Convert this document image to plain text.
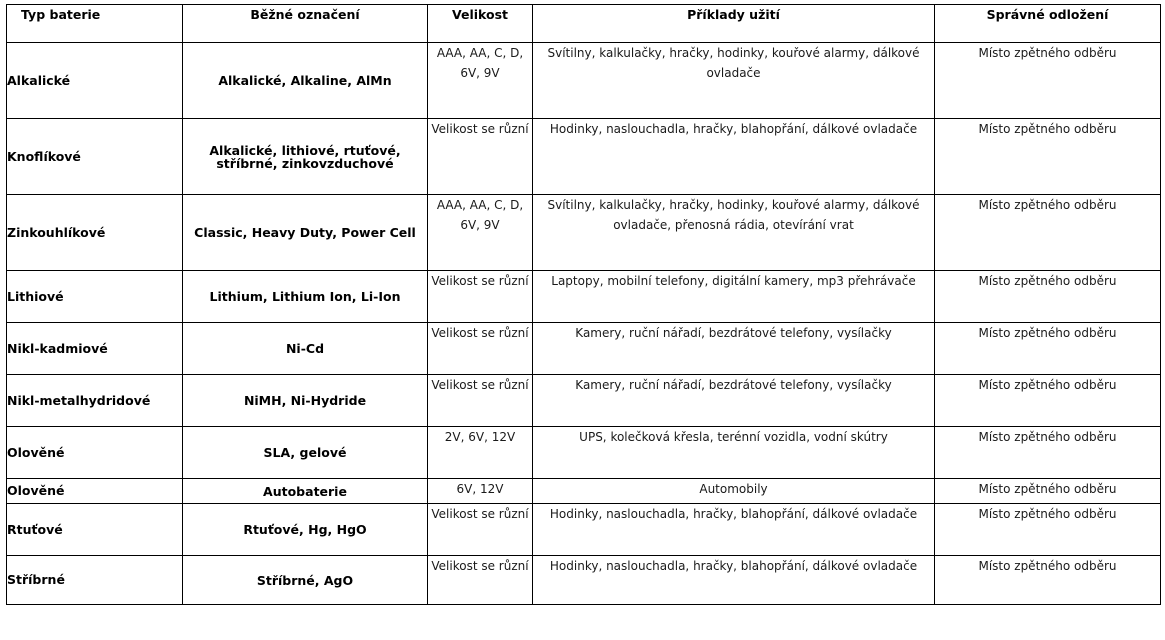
Typ baterie	Běžné označení	Velikost	Příklady užití	Správné odložení
Alkalické	Alkalické, Alkaline, AlMn	AAA, AA, C, D, 6V, 9V	Svítilny, kalkulačky, hračky, hodinky, kouřové alarmy, dálkové ovladače	Místo zpětného odběru
Knoflíkové	Alkalické, lithiové, rtuťové, stříbrné, zinkovzduchové	Velikost se různí	Hodinky, naslouchadla, hračky, blahopřání, dálkové ovladače	Místo zpětného odběru
Zinkouhlíkové	Classic, Heavy Duty, Power Cell	AAA, AA, C, D, 6V, 9V	Svítilny, kalkulačky, hračky, hodinky, kouřové alarmy, dálkové ovladače, přenosná rádia, otevírání vrat	Místo zpětného odběru
Lithiové	Lithium, Lithium Ion, Li-Ion	Velikost se různí	Laptopy, mobilní telefony, digitální kamery, mp3 přehrávače	Místo zpětného odběru
Nikl-kadmiové	Ni-Cd	Velikost se různí	Kamery, ruční nářadí, bezdrátové telefony, vysílačky	Místo zpětného odběru
Nikl-metalhydridové	NiMH, Ni-Hydride	Velikost se různí	Kamery, ruční nářadí, bezdrátové telefony, vysílačky	Místo zpětného odběru
Olověné	SLA, gelové	2V, 6V, 12V	UPS, kolečková křesla, terénní vozidla, vodní skútry	Místo zpětného odběru
Olověné	Autobaterie	6V, 12V	Automobily	Místo zpětného odběru
Rtuťové	Rtuťové, Hg, HgO	Velikost se různí	Hodinky, naslouchadla, hračky, blahopřání, dálkové ovladače	Místo zpětného odběru
Stříbrné	Stříbrné, AgO	Velikost se různí	Hodinky, naslouchadla, hračky, blahopřání, dálkové ovladače	Místo zpětného odběru
